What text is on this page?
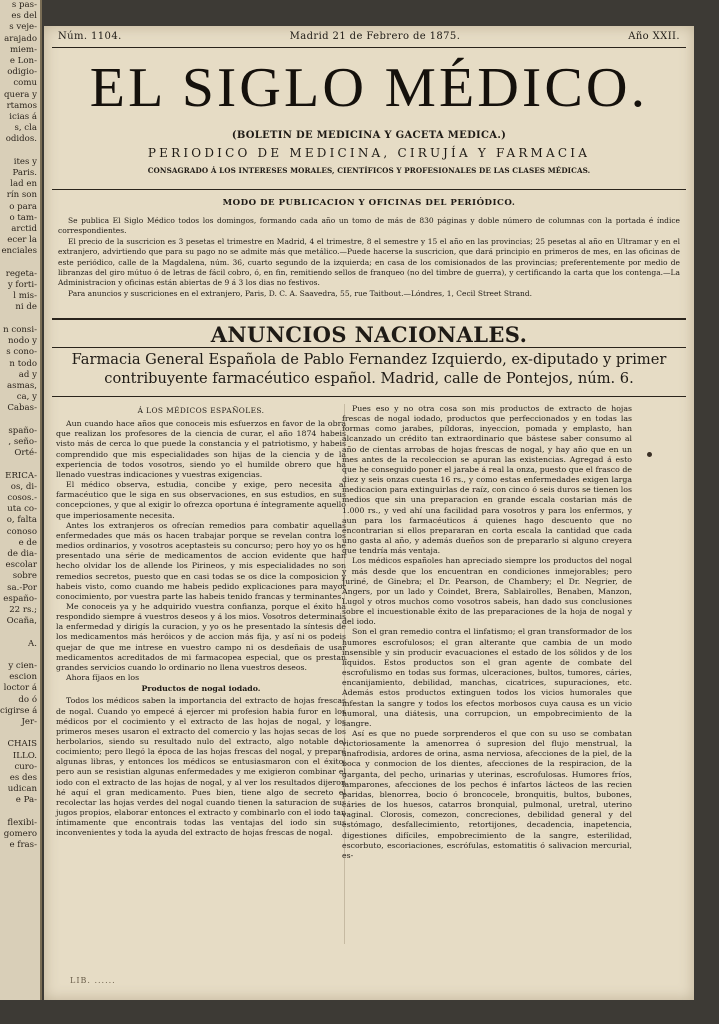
s pas-
es del
s veje-
arajado
miem-
e Lon-
odigio-
comu
quera y
rtamos
icias á
s, cla
odidos.

ites y
Paris.
lad en
rín son
o para
o tam-
arctid
ecer la
enciales

regeta-
y forti-
l mis-
ni de

n consi-
nodo y
s cono-
n todo
ad y
asmas,
ca, y
Cabas-

spaño-
, seño-
Orté-

ERICA-
os, di-
cosos.-
uta co-
o, falta
conoso
e de
de dia-
escolar
sobre
sa.-Por
españo-
22 rs.;
Ocaña,

A.

y cien-
escion
loctor á
do ó
cigirse á
Jer-

CHAIS
ILLO.
curo-
es des
udican
e Pa-

flexibi-
gomero
e fras-
Núm. 1104.	Madrid 21 de Febrero de 1875.	Año XXII.
EL SIGLO MÉDICO.
(BOLETIN DE MEDICINA Y GACETA MEDICA.)
PERIODICO DE MEDICINA, CIRUJÍA Y FARMACIA
CONSAGRADO Á LOS INTERESES MORALES, CIENTÍFICOS Y PROFESIONALES DE LAS CLASES MÉDICAS.
MODO DE PUBLICACION Y OFICINAS DEL PERIÓDICO.

Se publica El Siglo Médico todos los domingos, formando cada año un tomo de más de 830 páginas y doble número de columnas con la portada é índice correspondientes.

El precio de la suscricion es 3 pesetas el trimestre en Madrid, 4 el trimestre, 8 el semestre y 15 el año en las provincias; 25 pesetas al año en Ultramar y en el extranjero, advirtiendo que para su pago no se admite más que metálico.—Puede hacerse la suscricion, que dará principio en primeros de mes, en las oficinas de este periódico, calle de la Magdalena, núm. 36, cuarto segundo de la izquierda; en casa de los comisionados de las provincias; preferentemente por medio de libranzas del giro mútuo ó de letras de fácil cobro, ó, en fin, remitiendo sellos de franqueo (no del timbre de guerra), y certificando la carta que los contenga.—La Administracion y oficinas están abiertas de 9 á 3 los dias no festivos.

Para anuncios y suscriciones en el extranjero, Paris, D. C. A. Saavedra, 55, rue Taitbout.—Lóndres, 1, Cecil Street Strand.

ANUNCIOS NACIONALES.
Farmacia General Española de Pablo Fernandez Izquierdo, ex-diputado y primer contribuyente farmacéutico español. Madrid, calle de Pontejos, núm. 6.

Á LOS MÉDICOS ESPAÑOLES.

Aun cuando hace años que conoceis mis esfuerzos en favor de la obra que realizan los profesores de la ciencia de curar, el año 1874 habeis visto más de cerca lo que puede la constancia y el patriotismo, y habeis comprendido que mis especialidades son hijas de la ciencia y de la experiencia de todos vosotros, siendo yo el humilde obrero que ha llenado vuestras indicaciones y vuestras exigencias.

El médico observa, estudia, concibe y exige, pero necesita al farmacéutico que le siga en sus observaciones, en sus estudios, en sus concepciones, y que al exigir lo ofrezca oportuna é íntegramente aquello que imperiosamente necesita.

Antes los extranjeros os ofrecían remedios para combatir aquellas enfermedades que más os hacen trabajar porque se revelan contra los medios ordinarios, y vosotros aceptasteis su concurso; pero hoy yo os he presentado una série de medicamentos de accion evidente que han hecho olvidar los de allende los Pirineos, y mis especialidades no son remedios secretos, puesto que en casi todas se os dice la composicion y habeis visto, como cuando me habeis pedido explicaciones para mayor conocimiento, por vuestra parte las habeis tenido francas y terminantes.

Me conoceis ya y he adquirido vuestra confianza, porque el éxito ha respondido siempre á vuestros deseos y á los mios. Vosotros determinais la enfermedad y dirigís la curacion, y yo os he presentado la síntesis de los medicamentos más heróicos y de accion más fija, y así ni os podeis quejar de que me intrese en vuestro campo ni os desdeñais de usar medicamentos acreditados de mi farmacopea especial, que os prestan grandes servicios cuando lo ordinario no llena vuestros deseos.

Ahora fíjaos en los

Productos de nogal iodado.

Todos los médicos saben la importancia del extracto de hojas frescas de nogal. Cuando yo empecé á ejercer mi profesion habia furor en los médicos por el cocimiento y el extracto de las hojas de nogal, y los primeros meses usaron el extracto del comercio y las hojas secas de los herbolarios, siendo su resultado nulo del extracto, algo notable del cocimiento; pero llegó la época de las hojas frescas del nogal, y preparé algunas libras, y entonces los médicos se entusiasmaron con el éxito; pero aun se resistian algunas enfermedades y me exigieron combinar el iodo con el extracto de las hojas de nogal, y al ver los resultados dijeron hé aquí el gran medicamento. Pues bien, tiene algo de secreto el recolectar las hojas verdes del nogal cuando tienen la saturacion de sus jugos propios, elaborar entonces el extracto y combinarlo con el iodo tan íntimamente que encontrais todas las ventajas del iodo sin sus inconvenientes y toda la ayuda del extracto de hojas frescas de nogal.

Pues eso y no otra cosa son mis productos de extracto de hojas frescas de nogal iodado, productos que perfeccionados y en todas las formas como jarabes, píldoras, inyeccion, pomada y emplasto, han alcanzado un crédito tan extraordinario que bástese saber consumo al año de cientas arrobas de hojas frescas de nogal, y hay año que en un mes antes de la recoleccion se apuran las existencias. Agregad á esto que he conseguido poner el jarabe á real la onza, puesto que el frasco de diez y seis onzas cuesta 16 rs., y como estas enfermedades exigen larga medicacion para extinguirlas de raíz, con cinco ó seis duros se tienen los medios que sin una preparacion en grande escala costarian más de 1.000 rs., y ved ahí una facilidad para vosotros y para los enfermos, y aun para los farmacéuticos á quienes hago descuento que no encontrarian si ellos prepararan en corta escala la cantidad que cada uno gasta al año, y además dueños son de prepararlo si alguno creyera que tendría más ventaja.

Los médicos españoles han apreciado siempre los productos del nogal y más desde que los encuentran en condiciones inmejorables; pero Juriné, de Ginebra; el Dr. Pearson, de Chambery; el Dr. Negrier, de Angers, por un lado y Coindet, Brera, Sablairolles, Benaben, Manzon, Lugol y otros muchos como vosotros sabeis, han dado sus conclusiones sobre el incuestionable éxito de las preparaciones de la hoja de nogal y del iodo.

Son el gran remedio contra el linfatismo; el gran transformador de los humores escrofulosos; el gran alterante que cambia de un modo insensible y sin producir evacuaciones el estado de los sólidos y de los líquidos. Estos productos son el gran agente de combate del escrofulismo en todas sus formas, ulceraciones, bultos, tumores, cáries, encanijamiento, debilidad, manchas, cicatrices, supuraciones, etc. Además estos productos extinguen todos los vicios humorales que infestan la sangre y todos los efectos morbosos cuya causa es un vicio humoral, una diátesis, una corrupcion, un empobrecimiento de la sangre.

Así es que no puede sorprenderos el que con su uso se combatan victoriosamente la amenorrea ó supresion del flujo menstrual, la anafrodisia, ardores de orina, asma nerviosa, afecciones de la piel, de la boca y conmocion de los dientes, afecciones de la respiracion, de la garganta, del pecho, urinarias y uterinas, escrofulosas. Humores fríos, lamparones, afecciones de los pechos é infartos lácteos de las recien paridas, blenorrea, bocio ó broncocele, bronquitis, bultos, bubones, cáries de los huesos, catarros bronquial, pulmonal, uretral, uterino vaginal. Clorosis, comezon, concreciones, debilidad general y del estómago, desfallecimiento, retortijones, decadencia, inapetencia, digestiones difíciles, empobrecimiento de la sangre, esterilidad, escorbuto, escoriaciones, escrófulas, estomatitis ó salivacion mercurial, es-

LIB. ......
